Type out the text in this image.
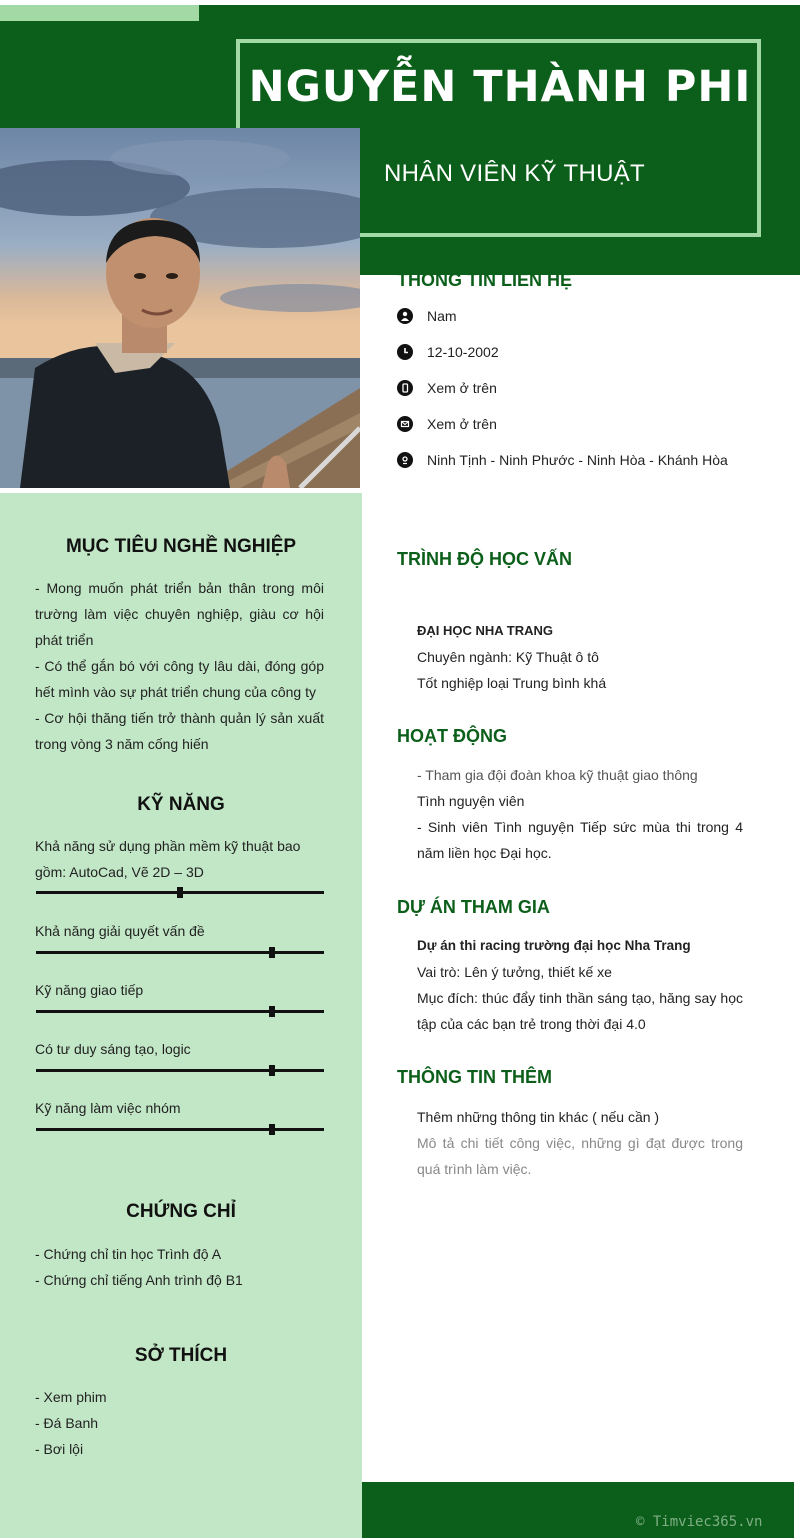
NGUYỄN THÀNH PHI
NHÂN VIÊN KỸ THUẬT
THÔNG TIN LIÊN HỆ
Nam
12-10-2002
Xem ở trên
Xem ở trên
Ninh Tịnh - Ninh Phước - Ninh Hòa - Khánh Hòa
MỤC TIÊU NGHỀ NGHIỆP
- Mong muốn phát triển bản thân trong môi trường làm việc chuyên nghiệp, giàu cơ hội phát triển
- Có thể gắn bó với công ty lâu dài, đóng góp hết mình vào sự phát triển chung của công ty
- Cơ hội thăng tiến trở thành quản lý sản xuất trong vòng 3 năm cống hiến
KỸ NĂNG
Khả năng sử dụng phần mềm kỹ thuật bao gồm: AutoCad, Vẽ 2D – 3D
Khả năng giải quyết vấn đề
Kỹ năng giao tiếp
Có tư duy sáng tạo, logic
Kỹ năng làm việc nhóm
CHỨNG CHỈ
- Chứng chỉ tin học Trình độ A
- Chứng chỉ tiếng Anh trình độ B1
SỞ THÍCH
- Xem phim
- Đá Banh
- Bơi lội
TRÌNH ĐỘ HỌC VẤN
ĐẠI HỌC NHA TRANG
Chuyên ngành: Kỹ Thuật ô tô
Tốt nghiệp loại Trung bình khá
HOẠT ĐỘNG
- Tham gia đội đoàn khoa kỹ thuật giao thông
Tình nguyện viên
- Sinh viên Tình nguyện Tiếp sức mùa thi trong 4 năm liền học Đại học.
DỰ ÁN THAM GIA
Dự án thi racing trường đại học Nha Trang
Vai trò: Lên ý tưởng, thiết kế xe
Mục đích: thúc đẩy tinh thần sáng tạo, hăng say học tập của các bạn trẻ trong thời đại 4.0
THÔNG TIN THÊM
Thêm những thông tin khác ( nếu cần )
Mô tả chi tiết công việc, những gì đạt được trong quá trình làm việc.
© Timviec365.vn
